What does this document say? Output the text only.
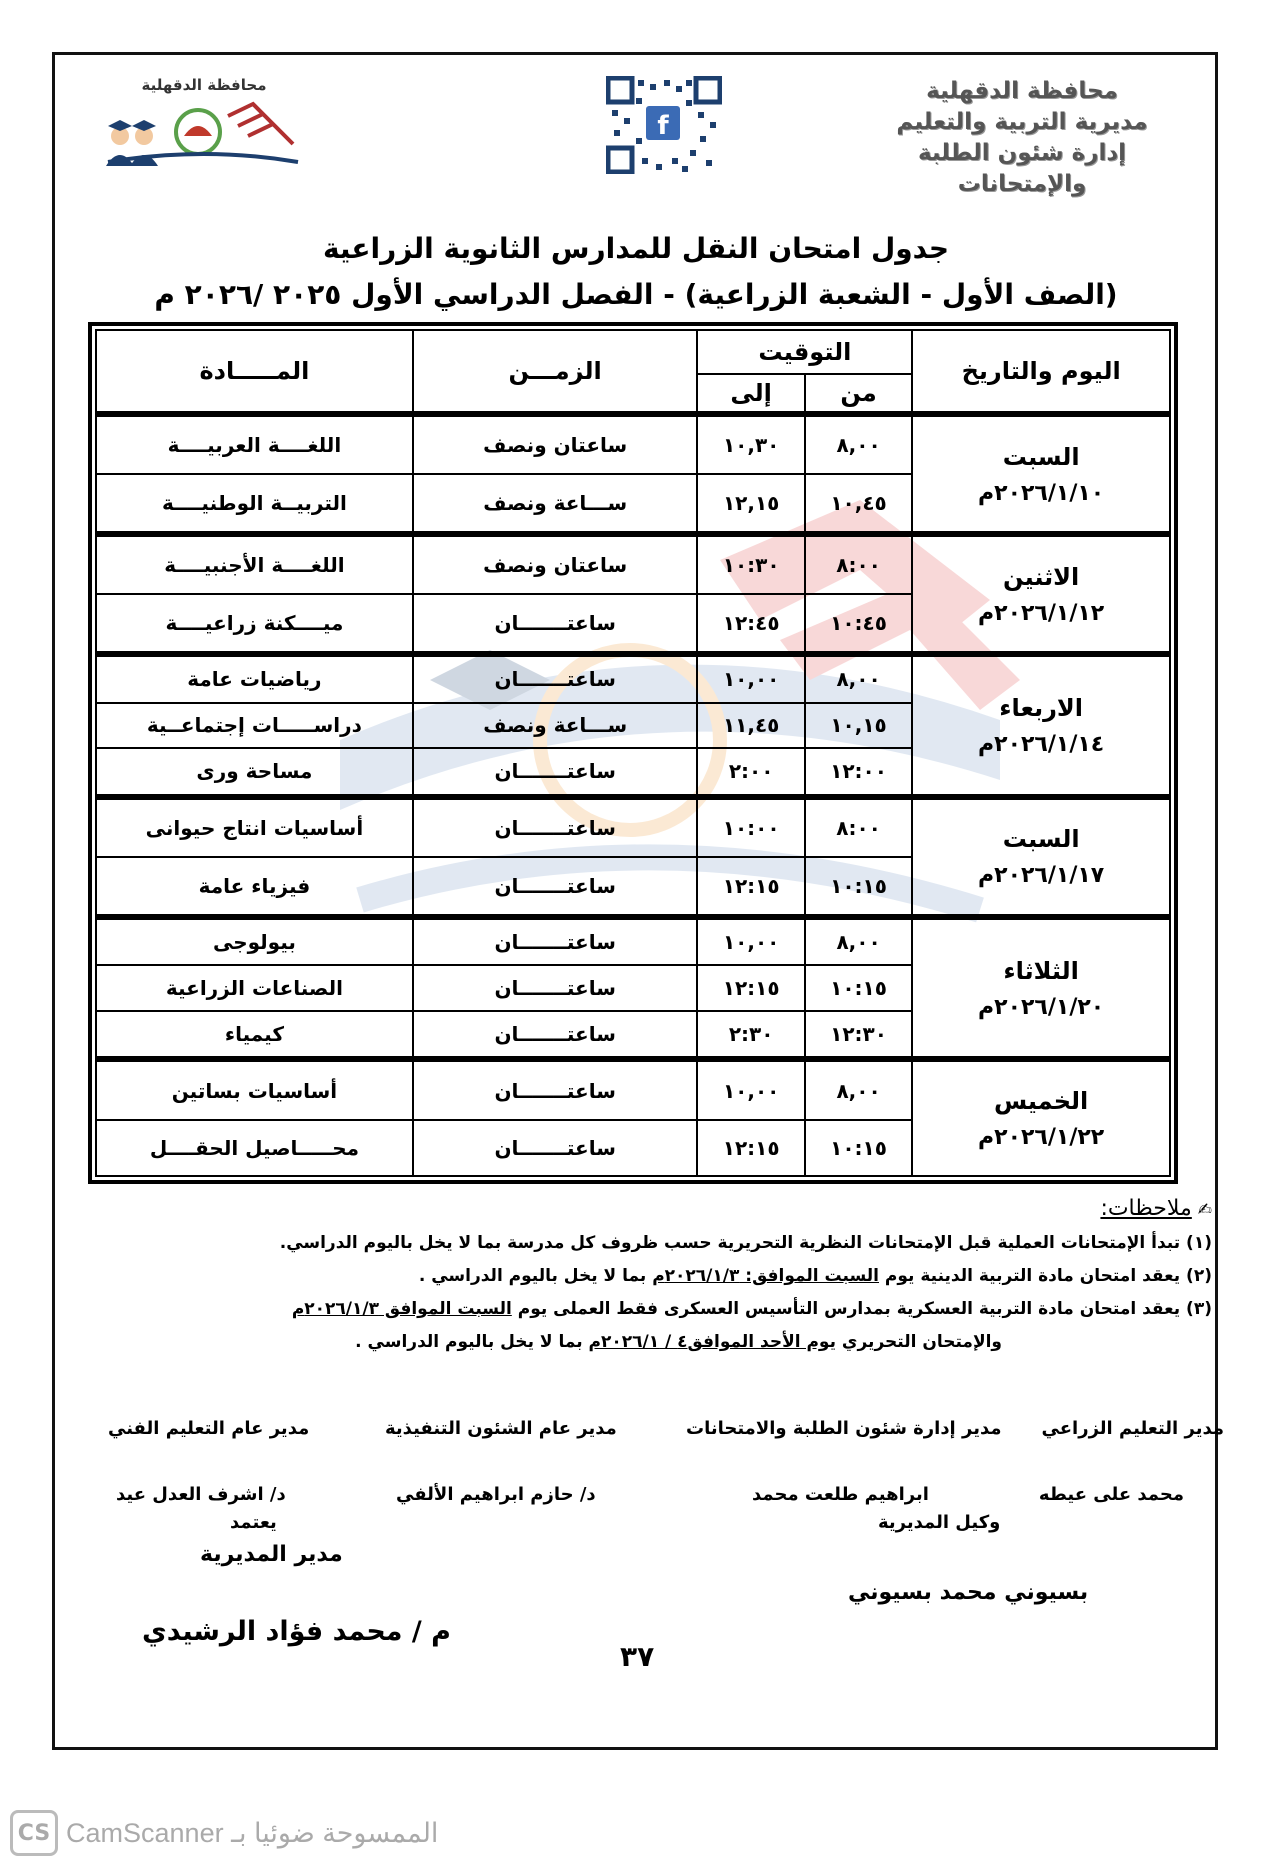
محافظة الدقهلية
مديرية التربية والتعليم
إدارة شئون الطلبة والإمتحانات
f
محافظة الدقهلية
جدول امتحان النقل للمدارس الثانوية الزراعية
(الصف الأول - الشعبة الزراعية) - الفصل الدراسي الأول ٢٠٢٥ /٢٠٢٦ م
اليوم والتاريخ	التوقيت		الزمـــن	المـــــادة
	من	إلى		

السبت
٢٠٢٦/١/١٠م	٨,٠٠	١٠,٣٠	ساعتان ونصف	اللغــــة العربيــــة
	١٠,٤٥	١٢,١٥	ســـاعة ونصف	التربيــة الوطنيــــة

الاثنين
٢٠٢٦/١/١٢م	٨:٠٠	١٠:٣٠	ساعتان ونصف	اللغــــة الأجنبيــــة
	١٠:٤٥	١٢:٤٥	ساعتـــــــان	ميــــكنة زراعيــــة

الاربعاء
٢٠٢٦/١/١٤م	٨,٠٠	١٠,٠٠	ساعتـــــــان	رياضيات عامة
	١٠,١٥	١١,٤٥	ســـاعة ونصف	دراســـــات إجتماعــية
	١٢:٠٠	٢:٠٠	ساعتـــــــان	مساحة ورى

السبت
٢٠٢٦/١/١٧م	٨:٠٠	١٠:٠٠	ساعتـــــــان	أساسيات انتاج حيوانى
	١٠:١٥	١٢:١٥	ساعتـــــــان	فيزياء عامة

الثلاثاء
٢٠٢٦/١/٢٠م	٨,٠٠	١٠,٠٠	ساعتـــــــان	بيولوجى
	١٠:١٥	١٢:١٥	ساعتـــــــان	الصناعات الزراعية
	١٢:٣٠	٢:٣٠	ساعتـــــــان	كيمياء

الخميس
٢٠٢٦/١/٢٢م	٨,٠٠	١٠,٠٠	ساعتـــــــان	أساسيات بساتين
	١٠:١٥	١٢:١٥	ساعتـــــــان	محـــــاصيل الحقــــل
✍ ملاحظات:
(١) تبدأ الإمتحانات العملية قبل الإمتحانات النظرية التحريرية حسب ظروف كل مدرسة بما لا يخل باليوم الدراسي.
(٢) يعقد امتحان مادة التربية الدينية يوم السبت الموافق: ٢٠٢٦/١/٣م بما لا يخل باليوم الدراسي .
(٣) يعقد امتحان مادة التربية العسكرية بمدارس التأسيس العسكرى فقط العملى يوم السبت الموافق ٢٠٢٦/١/٣م
والإمتحان التحريري يوم الأحد الموافق٤ / ٢٠٢٦/١م بما لا يخل باليوم الدراسي .
مدير التعليم الزراعي
مدير إدارة شئون الطلبة والامتحانات
مدير عام الشئون التنفيذية
مدير عام التعليم الفني
محمد على عيطه
ابراهيم طلعت محمد
د/ حازم ابراهيم الألفي
د/ اشرف العدل عيد
وكيل المديرية
يعتمد
مدير المديرية
بسيوني محمد بسيوني
م / محمد فؤاد الرشيدي
٣٧
CS CamScanner الممسوحة ضوئيا بـ
